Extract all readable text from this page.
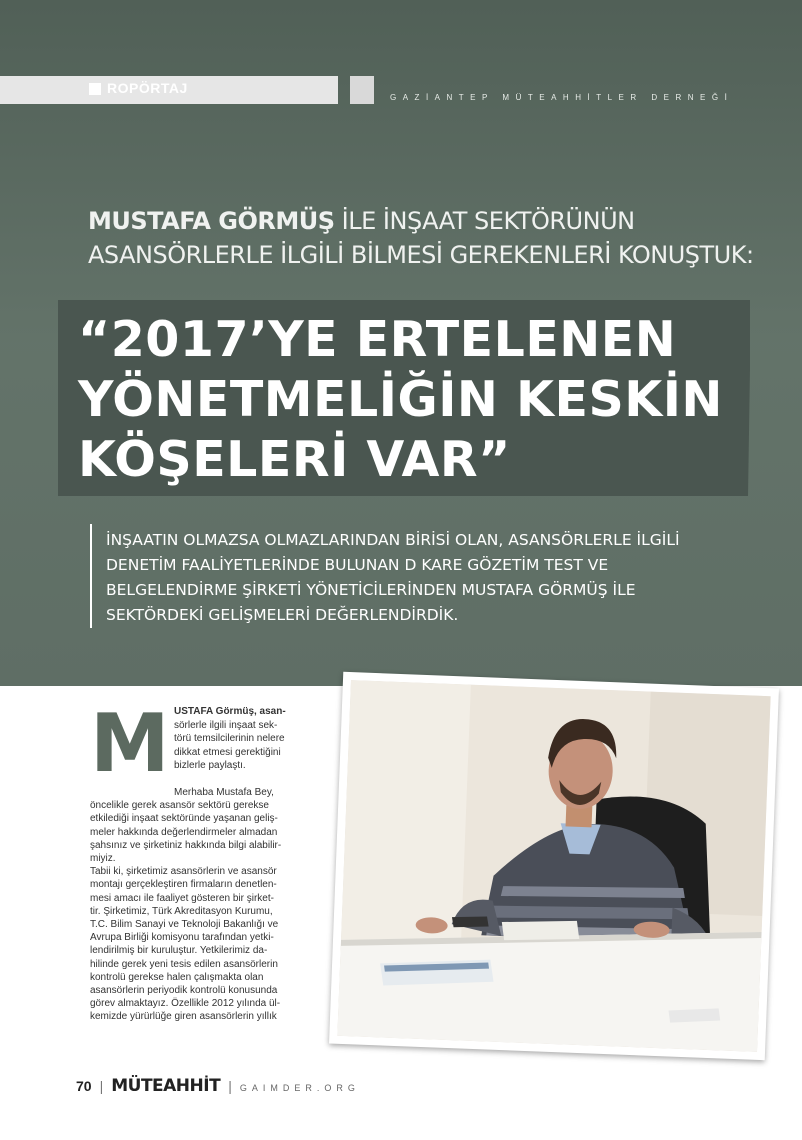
ROPÖRTAJ
GAZİANTEP MÜTEAHHİTLER DERNEĞİ
MUSTAFA GÖRMÜŞ İLE İNŞAAT SEKTÖRÜNÜN
ASANSÖRLERLE İLGİLİ BİLMESİ GEREKENLERİ KONUŞTUK:
“2017’YE ERTELENEN
YÖNETMELİĞİN KESKİN
KÖŞELERİ VAR”
İNŞAATIN OLMAZSA OLMAZLARINDAN BİRİSİ OLAN, ASANSÖRLERLE İLGİLİ
DENETİM FAALİYETLERİNDE BULUNAN D KARE GÖZETİM TEST VE
BELGELENDİRME ŞİRKETİ YÖNETİCİLERİNDEN MUSTAFA GÖRMÜŞ İLE
SEKTÖRDEKİ GELİŞMELERİ DEĞERLENDİRDİK.
M USTAFA Görmüş, asan-
sörlerle ilgili inşaat sek-
törü temsilcilerinin nelere
dikkat etmesi gerektiğini
bizlerle paylaştı.
Merhaba Mustafa Bey,
öncelikle gerek asansör sektörü gerekse
etkilediği inşaat sektöründe yaşanan geliş-
meler hakkında değerlendirmeler almadan
şahsınız ve şirketiniz hakkında bilgi alabilir-
miyiz.
Tabii ki, şirketimiz asansörlerin ve asansör
montajı gerçekleştiren firmaların denetlen-
mesi amacı ile faaliyet gösteren bir şirket-
tir. Şirketimiz, Türk Akreditasyon Kurumu,
T.C. Bilim Sanayi ve Teknoloji Bakanlığı ve
Avrupa Birliği komisyonu tarafından yetki-
lendirilmiş bir kuruluştur. Yetkilerimiz da-
hilinde gerek yeni tesis edilen asansörlerin
kontrolü gerekse halen çalışmakta olan
asansörlerin periyodik kontrolü konusunda
görev almaktayız. Özellikle 2012 yılında ül-
kemizde yürürlüğe giren asansörlerin yıllık
70 | MÜTEAHHİT | GAIMDER.ORG
